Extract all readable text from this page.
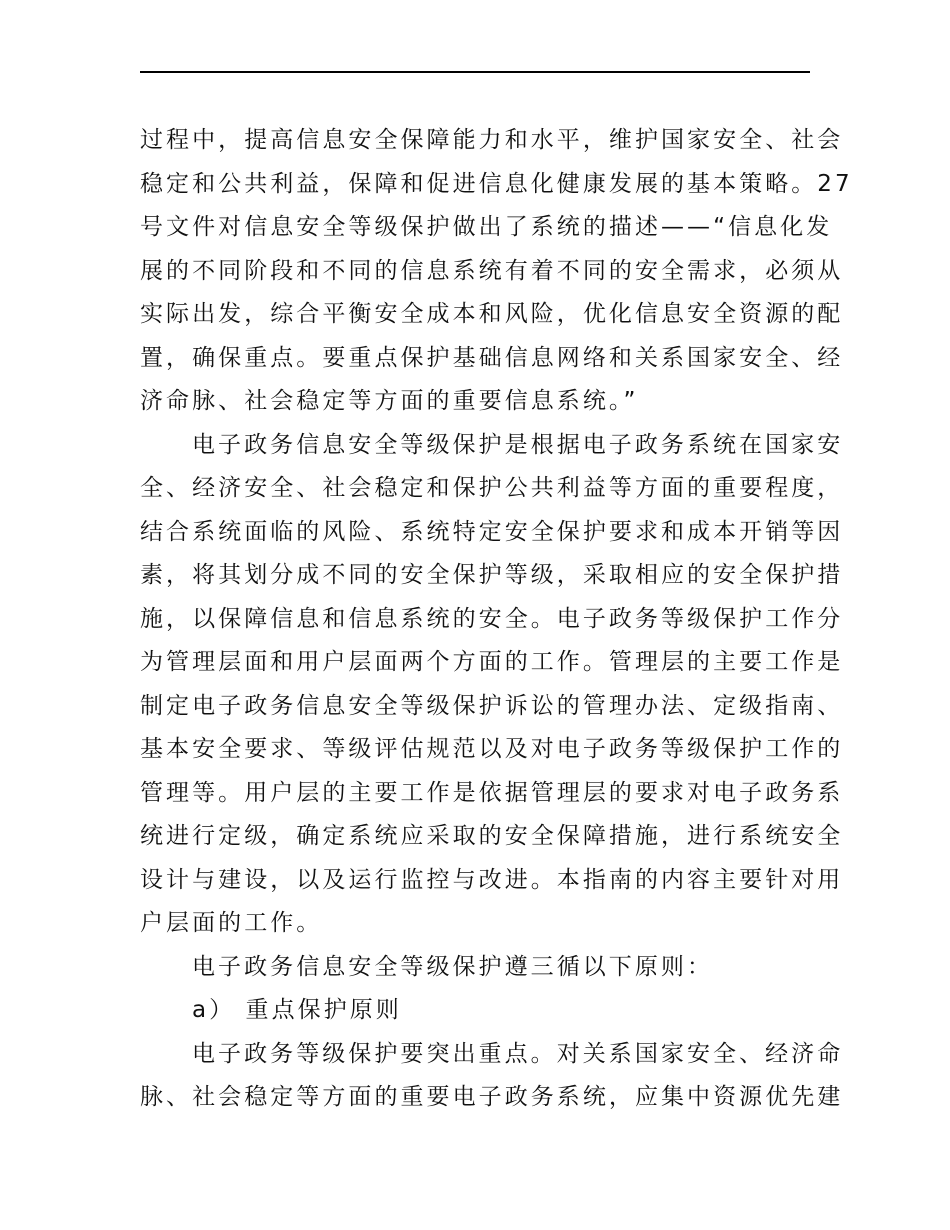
过程中，提高信息安全保障能力和水平，维护国家安全、社会
稳定和公共利益，保障和促进信息化健康发展的基本策略。27
号文件对信息安全等级保护做出了系统的描述——“信息化发
展的不同阶段和不同的信息系统有着不同的安全需求，必须从
实际出发，综合平衡安全成本和风险，优化信息安全资源的配
置，确保重点。要重点保护基础信息网络和关系国家安全、经
济命脉、社会稳定等方面的重要信息系统。”
电子政务信息安全等级保护是根据电子政务系统在国家安
全、经济安全、社会稳定和保护公共利益等方面的重要程度，
结合系统面临的风险、系统特定安全保护要求和成本开销等因
素，将其划分成不同的安全保护等级，采取相应的安全保护措
施，以保障信息和信息系统的安全。电子政务等级保护工作分
为管理层面和用户层面两个方面的工作。管理层的主要工作是
制定电子政务信息安全等级保护诉讼的管理办法、定级指南、
基本安全要求、等级评估规范以及对电子政务等级保护工作的
管理等。用户层的主要工作是依据管理层的要求对电子政务系
统进行定级，确定系统应采取的安全保障措施，进行系统安全
设计与建设，以及运行监控与改进。本指南的内容主要针对用
户层面的工作。
电子政务信息安全等级保护遵三循以下原则：
a） 重点保护原则
电子政务等级保护要突出重点。对关系国家安全、经济命
脉、社会稳定等方面的重要电子政务系统，应集中资源优先建
